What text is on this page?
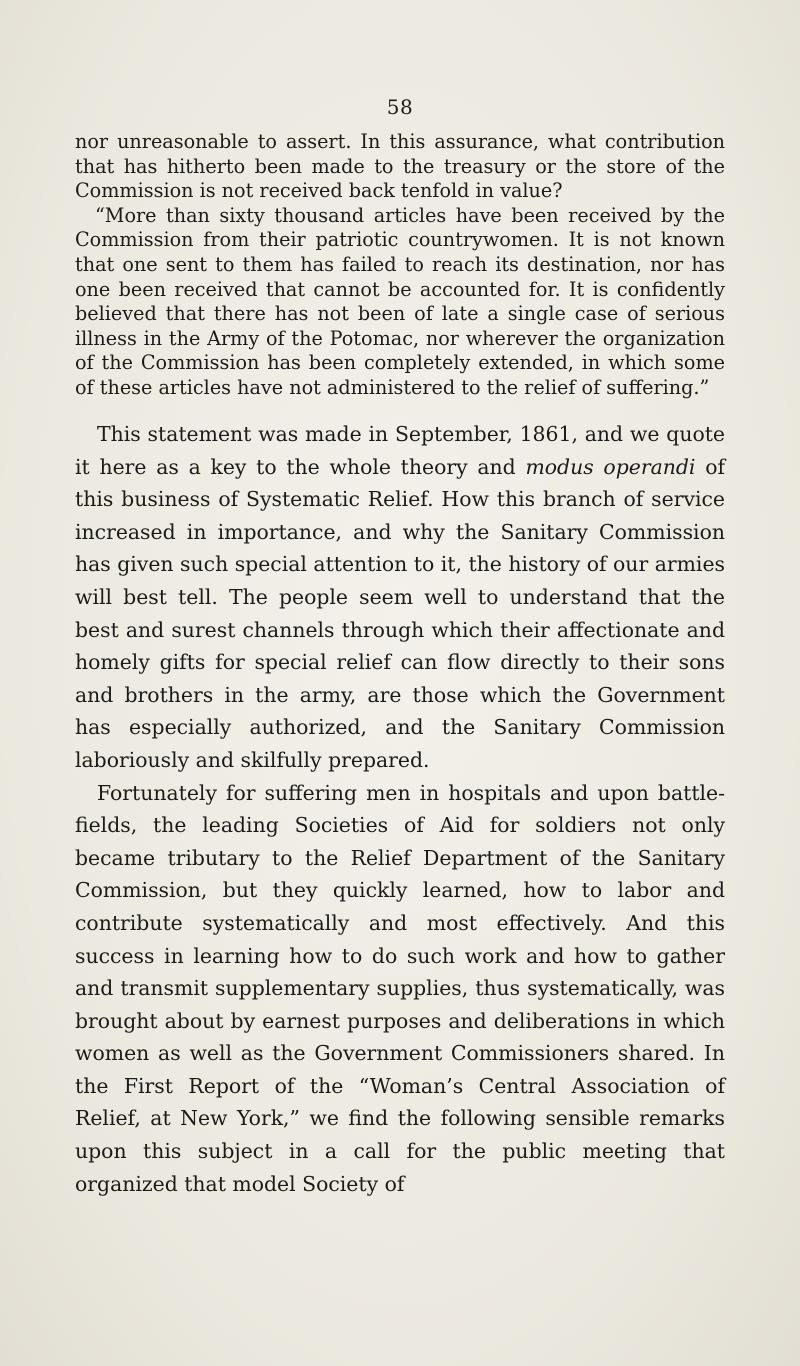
58

nor unreasonable to assert. In this assurance, what contribution that has hitherto been made to the treasury or the store of the Commission is not received back tenfold in value?

“More than sixty thousand articles have been received by the Commission from their patriotic countrywomen. It is not known that one sent to them has failed to reach its destination, nor has one been received that cannot be accounted for. It is confidently believed that there has not been of late a single case of serious illness in the Army of the Potomac, nor wherever the organization of the Commission has been completely extended, in which some of these articles have not administered to the relief of suffering.”

This statement was made in September, 1861, and we quote it here as a key to the whole theory and modus operandi of this business of Systematic Relief. How this branch of service increased in importance, and why the Sanitary Commission has given such special attention to it, the history of our armies will best tell. The people seem well to understand that the best and surest channels through which their affectionate and homely gifts for special relief can flow directly to their sons and brothers in the army, are those which the Government has especially authorized, and the Sanitary Commission laboriously and skilfully prepared.

Fortunately for suffering men in hospitals and upon battle-fields, the leading Societies of Aid for soldiers not only became tributary to the Relief Department of the Sanitary Commission, but they quickly learned, how to labor and contribute systematically and most effectively. And this success in learning how to do such work and how to gather and transmit supplementary supplies, thus systematically, was brought about by earnest purposes and deliberations in which women as well as the Government Commissioners shared. In the First Report of the “Woman’s Central Association of Relief, at New York,” we find the following sensible remarks upon this subject in a call for the public meeting that organized that model Society of
